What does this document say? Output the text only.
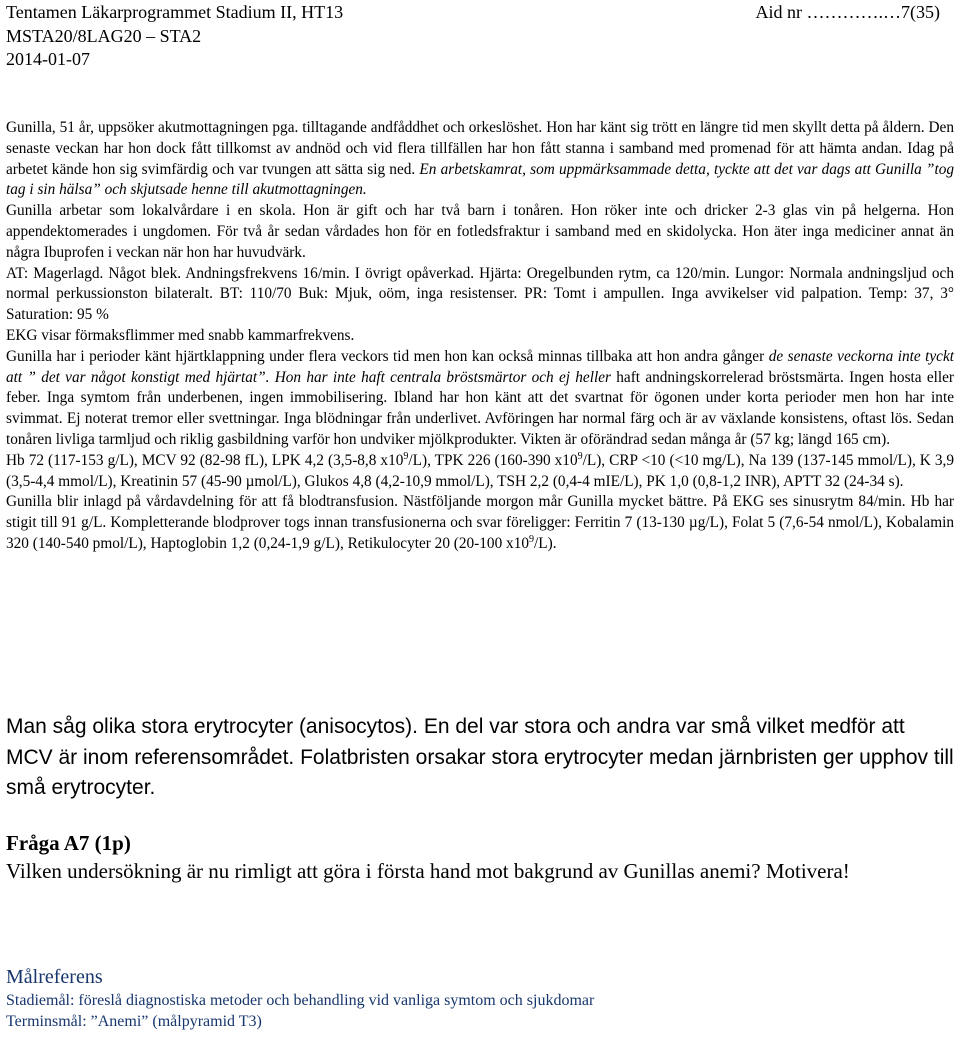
Tentamen Läkarprogrammet Stadium II, HT13	Aid nr ………….…7(35)
MSTA20/8LAG20 – STA2
2014-01-07

Gunilla, 51 år, uppsöker akutmottagningen pga. tilltagande andfåddhet och orkeslöshet. Hon har känt sig trött en längre tid men skyllt detta på åldern. Den senaste veckan har hon dock fått tillkomst av andnöd och vid flera tillfällen har hon fått stanna i samband med promenad för att hämta andan. Idag på arbetet kände hon sig svimfärdig och var tvungen att sätta sig ned. En arbetskamrat, som uppmärksammade detta, tyckte att det var dags att Gunilla ”tog tag i sin hälsa” och skjutsade henne till akutmottagningen.

Gunilla arbetar som lokalvårdare i en skola. Hon är gift och har två barn i tonåren. Hon röker inte och dricker 2-3 glas vin på helgerna. Hon appendektomerades i ungdomen. För två år sedan vårdades hon för en fotledsfraktur i samband med en skidolycka. Hon äter inga mediciner annat än några Ibuprofen i veckan när hon har huvudvärk.

AT: Magerlagd. Något blek. Andningsfrekvens 16/min. I övrigt opåverkad. Hjärta: Oregelbunden rytm, ca 120/min. Lungor: Normala andningsljud och normal perkussionston bilateralt. BT: 110/70 Buk: Mjuk, oöm, inga resistenser. PR: Tomt i ampullen. Inga avvikelser vid palpation. Temp: 37, 3° Saturation: 95 %

EKG visar förmaksflimmer med snabb kammarfrekvens.

Gunilla har i perioder känt hjärtklappning under flera veckors tid men hon kan också minnas tillbaka att hon andra gånger de senaste veckorna inte tyckt att ” det var något konstigt med hjärtat”. Hon har inte haft centrala bröstsmärtor och ej heller haft andningskorrelerad bröstsmärta. Ingen hosta eller feber. Inga symtom från underbenen, ingen immobilisering. Ibland har hon känt att det svartnat för ögonen under korta perioder men hon har inte svimmat. Ej noterat tremor eller svettningar. Inga blödningar från underlivet. Avföringen har normal färg och är av växlande konsistens, oftast lös. Sedan tonåren livliga tarmljud och riklig gasbildning varför hon undviker mjölkprodukter. Vikten är oförändrad sedan många år (57 kg; längd 165 cm).

Hb 72 (117-153 g/L), MCV 92 (82-98 fL), LPK 4,2 (3,5-8,8 $x10^9/L$), TPK 226 (160-390 $x10^9/L$), CRP <10 (<10 mg/L), Na 139 (137-145 mmol/L), K 3,9 (3,5-4,4 mmol/L), Kreatinin 57 (45-90 µmol/L), Glukos 4,8 (4,2-10,9 mmol/L), TSH 2,2 (0,4-4 mIE/L), PK 1,0 (0,8-1,2 INR), APTT 32 (24-34 s).

Gunilla blir inlagd på vårdavdelning för att få blodtransfusion. Nästföljande morgon mår Gunilla mycket bättre. På EKG ses sinusrytm 84/min. Hb har stigit till 91 g/L. Kompletterande blodprover togs innan transfusionerna och svar föreligger: Ferritin 7 (13-130 µg/L), Folat 5 (7,6-54 nmol/L), Kobalamin 320 (140-540 pmol/L), Haptoglobin 1,2 (0,24-1,9 g/L), Retikulocyter 20 (20-100 $x10^9/L$).

Man såg olika stora erytrocyter (anisocytos). En del var stora och andra var små vilket medför att MCV är inom referensområdet. Folatbristen orsakar stora erytrocyter medan järnbristen ger upphov till små erytrocyter.
Fråga A7 (1p)
Vilken undersökning är nu rimligt att göra i första hand mot bakgrund av Gunillas anemi? Motivera!
Målreferens
Stadiemål: föreslå diagnostiska metoder och behandling vid vanliga symtom och sjukdomar
Terminsmål: ”Anemi” (målpyramid T3)
